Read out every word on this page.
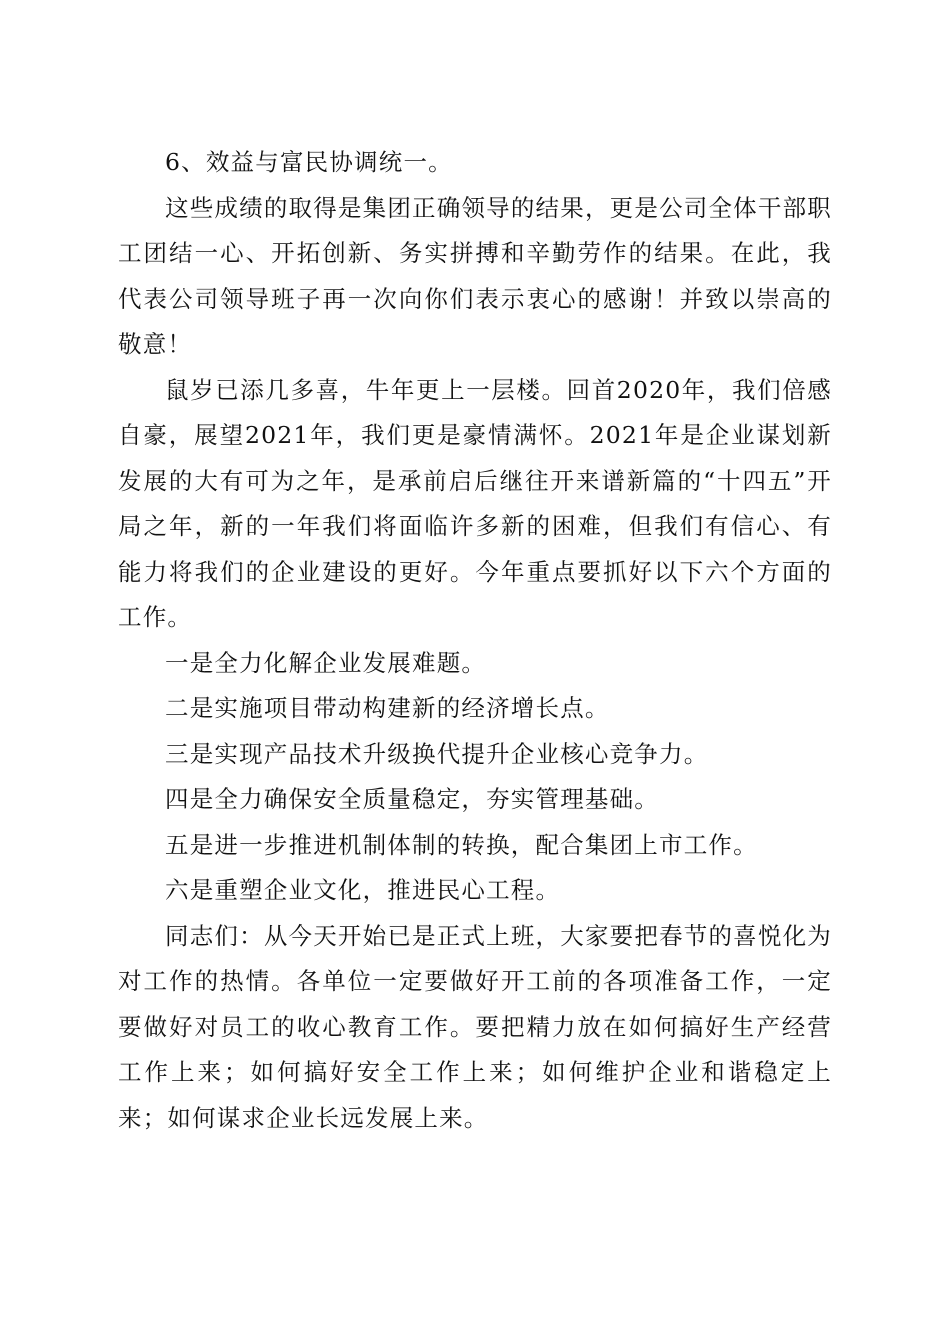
6、效益与富民协调统一。

这些成绩的取得是集团正确领导的结果，更是公司全体干部职工团结一心、开拓创新、务实拼搏和辛勤劳作的结果。在此，我代表公司领导班子再一次向你们表示衷心的感谢！并致以崇高的敬意！

鼠岁已添几多喜，牛年更上一层楼。回首2020年，我们倍感自豪，展望2021年，我们更是豪情满怀。2021年是企业谋划新发展的大有可为之年，是承前启后继往开来谱新篇的“十四五”开局之年，新的一年我们将面临许多新的困难，但我们有信心、有能力将我们的企业建设的更好。今年重点要抓好以下六个方面的工作。

一是全力化解企业发展难题。

二是实施项目带动构建新的经济增长点。

三是实现产品技术升级换代提升企业核心竞争力。

四是全力确保安全质量稳定，夯实管理基础。

五是进一步推进机制体制的转换，配合集团上市工作。

六是重塑企业文化，推进民心工程。

同志们：从今天开始已是正式上班，大家要把春节的喜悦化为对工作的热情。各单位一定要做好开工前的各项准备工作，一定要做好对员工的收心教育工作。要把精力放在如何搞好生产经营工作上来；如何搞好安全工作上来；如何维护企业和谐稳定上来；如何谋求企业长远发展上来。
